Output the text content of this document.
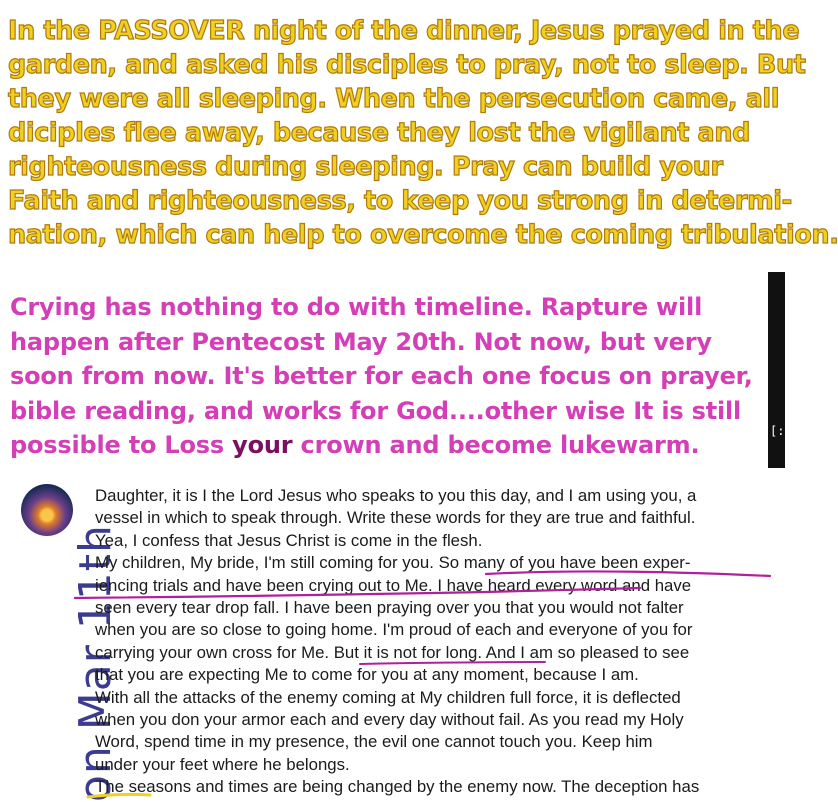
In the PASSOVER night of the dinner, Jesus prayed in the
garden, and asked his disciples to pray, not to sleep. But
they were all sleeping. When the persecution came, all
diciples flee away, because they lost the vigilant and
righteousness during sleeping. Pray can build your
Faith and righteousness, to keep you strong in determi-
nation, which can help to overcome the coming tribulation.
Crying has nothing to do with timeline. Rapture will
happen after Pentecost May 20th. Not now, but very
soon from now. It's better for each one focus on prayer,
bible reading, and works for God....other wise It is still
possible to Loss your crown and become lukewarm.
[:
on Mar 11th
Daughter, it is I the Lord Jesus who speaks to you this day, and I am using you, a
vessel in which to speak through. Write these words for they are true and faithful.
Yea, I confess that Jesus Christ is come in the flesh.
My children, My bride, I'm still coming for you. So many of you have been exper-
iencing trials and have been crying out to Me. I have heard every word and have
seen every tear drop fall. I have been praying over you that you would not falter
when you are so close to going home. I'm proud of each and everyone of you for
carrying your own cross for Me. But it is not for long. And I am so pleased to see
that you are expecting Me to come for you at any moment, because I am.
With all the attacks of the enemy coming at My children full force, it is deflected
when you don your armor each and every day without fail. As you read my Holy
Word, spend time in my presence, the evil one cannot touch you. Keep him
under your feet where he belongs.
The seasons and times are being changed by the enemy now. The deception has
